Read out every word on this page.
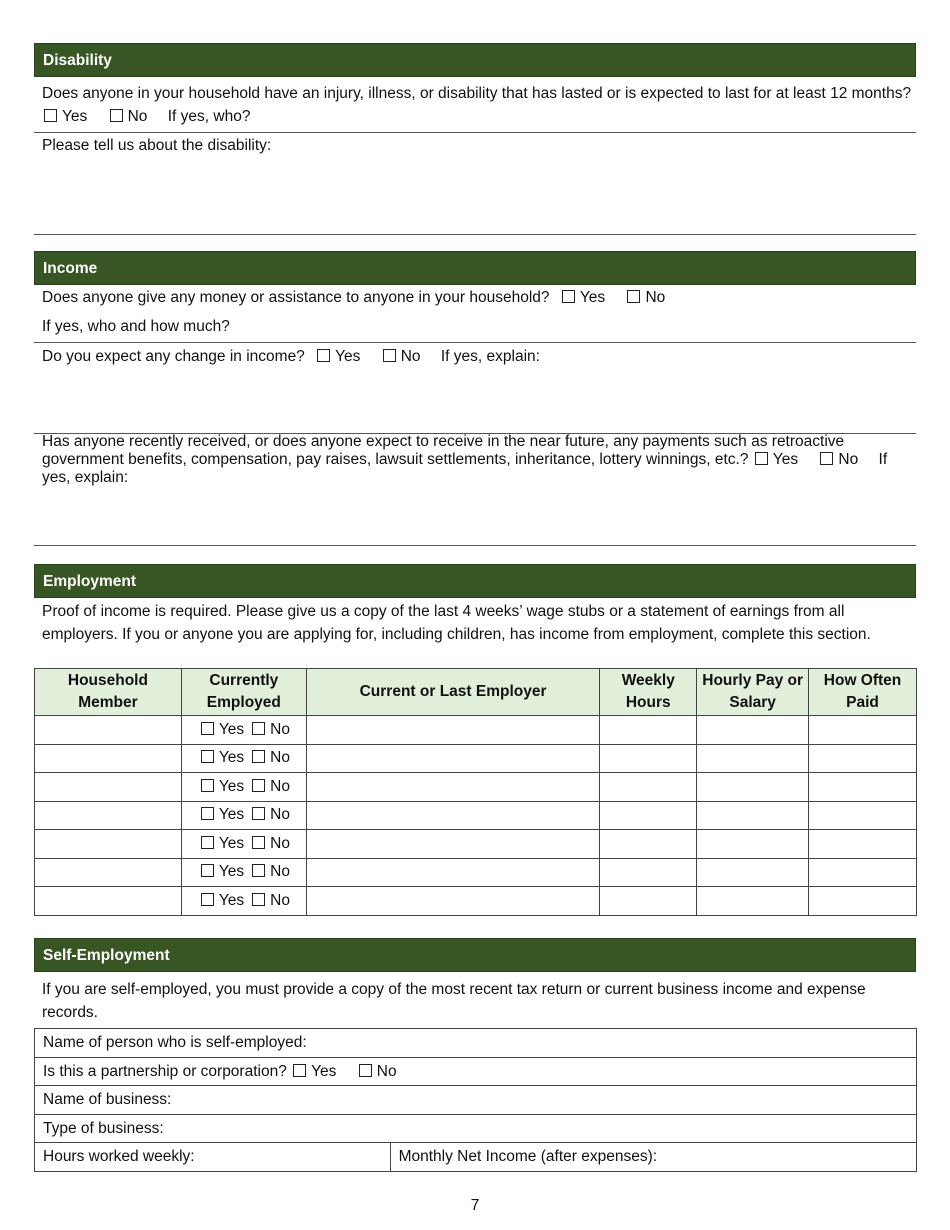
Disability
Does anyone in your household have an injury, illness, or disability that has lasted or is expected to last for at least 12 months? Yes	No If yes, who?
Please tell us about the disability:
Income
Does anyone give any money or assistance to anyone in your household? Yes	No
If yes, who and how much?
Do you expect any change in income? Yes	No If yes, explain:
Has anyone recently received, or does anyone expect to receive in the near future, any payments such as retroactive government benefits, compensation, pay raises, lawsuit settlements, inheritance, lottery winnings, etc.? Yes	No If yes, explain:
Employment
Proof of income is required. Please give us a copy of the last 4 weeks’ wage stubs or a statement of earnings from all employers. If you or anyone you are applying for, including children, has income from employment, complete this section.
Household Member	Currently Employed	Current or Last Employer	Weekly Hours	Hourly Pay or Salary	How Often Paid
	Yes No				
	Yes No				
	Yes No				
	Yes No				
	Yes No				
	Yes No				
	Yes No				
Self-Employment
If you are self-employed, you must provide a copy of the most recent tax return or current business income and expense records.
Name of person who is self-employed:
Is this a partnership or corporation? Yes	No
Name of business:
Type of business:
Hours worked weekly:	Monthly Net Income (after expenses):
7
